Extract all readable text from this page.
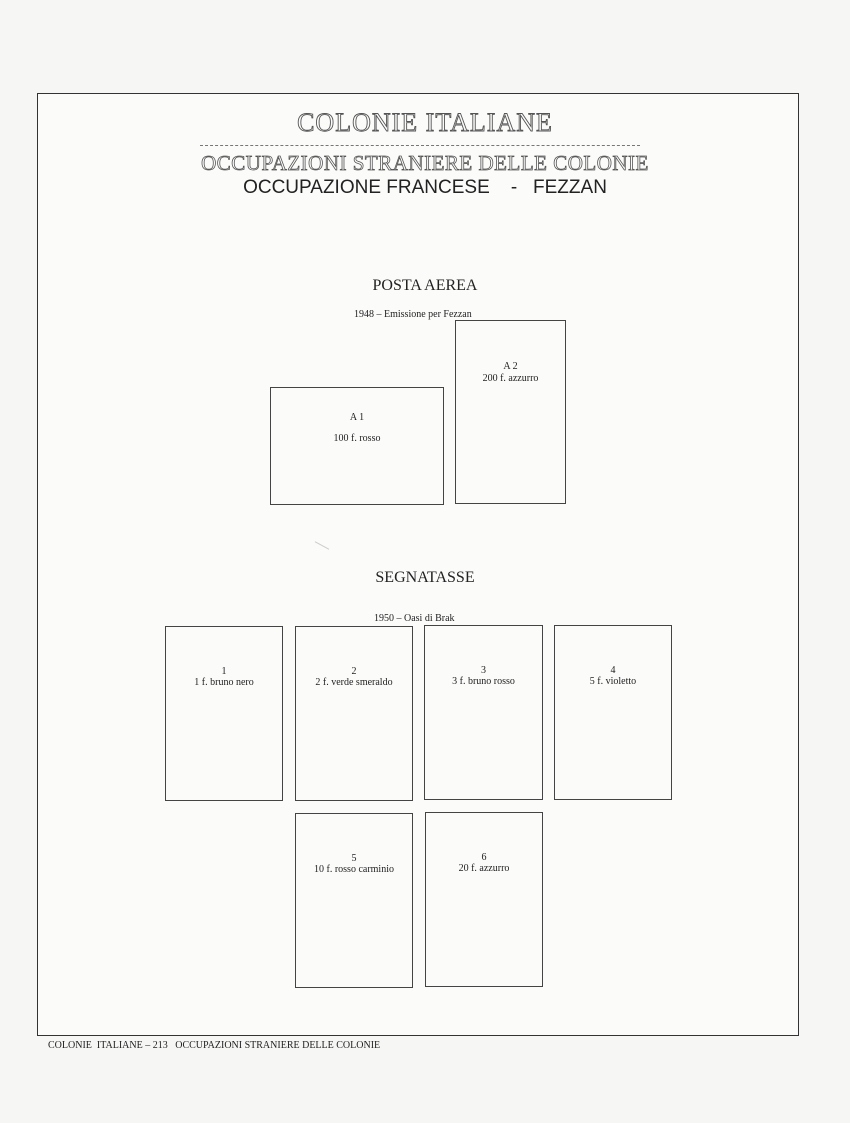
COLONIE ITALIANE
OCCUPAZIONI STRANIERE DELLE COLONIE
OCCUPAZIONE FRANCESE    -   FEZZAN
POSTA AEREA
1948 – Emissione per Fezzan
A 1
100 f. rosso
A 2
200 f. azzurro
SEGNATASSE
1950 – Oasi di Brak
1
1 f. bruno nero
2
2 f. verde smeraldo
3
3 f. bruno rosso
4
5 f. violetto
5
10 f. rosso carminio
6
20 f. azzurro
COLONIE  ITALIANE – 213   OCCUPAZIONI STRANIERE DELLE COLONIE
